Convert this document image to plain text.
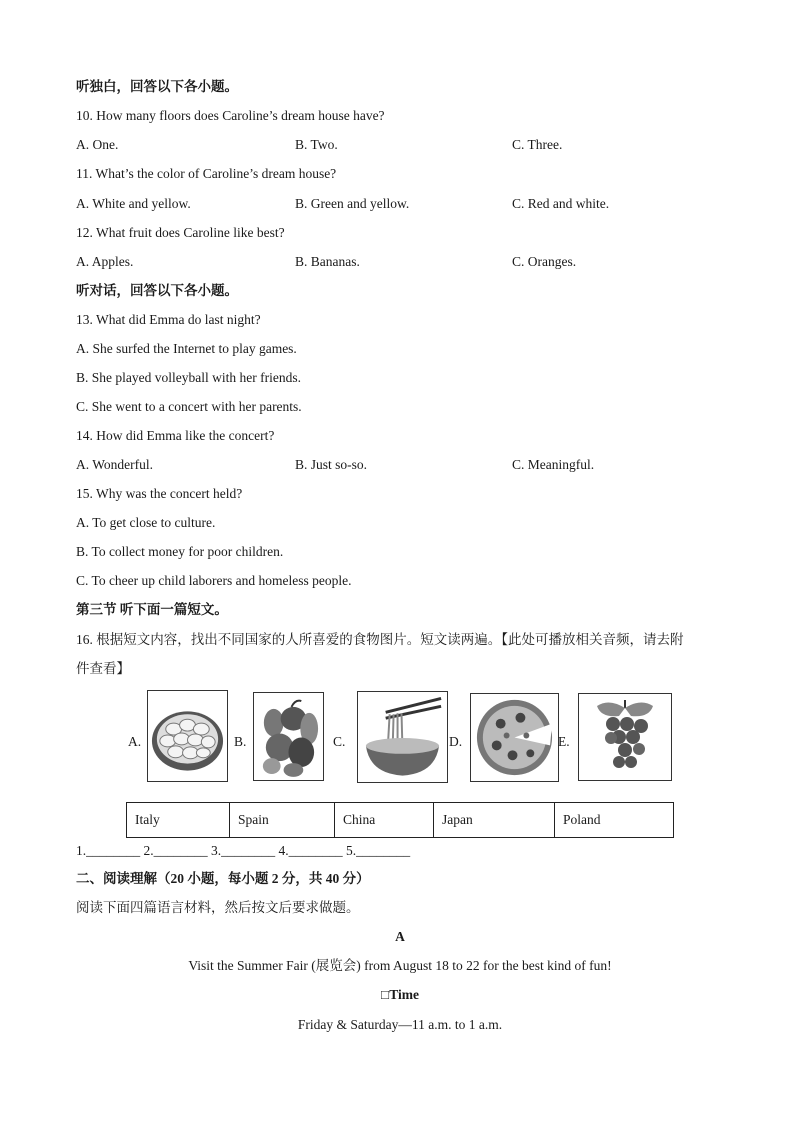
听独白，回答以下各小题。
10. How many floors does Caroline’s dream house have?
A. One.	B. Two.	C. Three.
11. What’s the color of Caroline’s dream house?
A. White and yellow.	B. Green and yellow.	C. Red and white.
12. What fruit does Caroline like best?
A. Apples.	B. Bananas.	C. Oranges.
听对话，回答以下各小题。
13. What did Emma do last night?
A. She surfed the Internet to play games.
B. She played volleyball with her friends.
C. She went to a concert with her parents.
14. How did Emma like the concert?
A. Wonderful.	B. Just so-so.	C. Meaningful.
15. Why was the concert held?
A. To get close to culture.
B. To collect money for poor children.
C. To cheer up child laborers and homeless people.
第三节 听下面一篇短文。
16. 根据短文内容，找出不同国家的人所喜爱的食物图片。短文读两遍。【此处可播放相关音频，请去附
件查看】
A.	B.	C.	D.	E.
Italy	Spain	China	Japan	Poland
1.________ 2.________ 3.________ 4.________ 5.________
二、阅读理解（20 小题，每小题 2 分，共 40 分）
阅读下面四篇语言材料，然后按文后要求做题。
A
Visit the Summer Fair (展览会) from August 18 to 22 for the best kind of fun!
□Time
Friday & Saturday—11 a.m. to 1 a.m.
